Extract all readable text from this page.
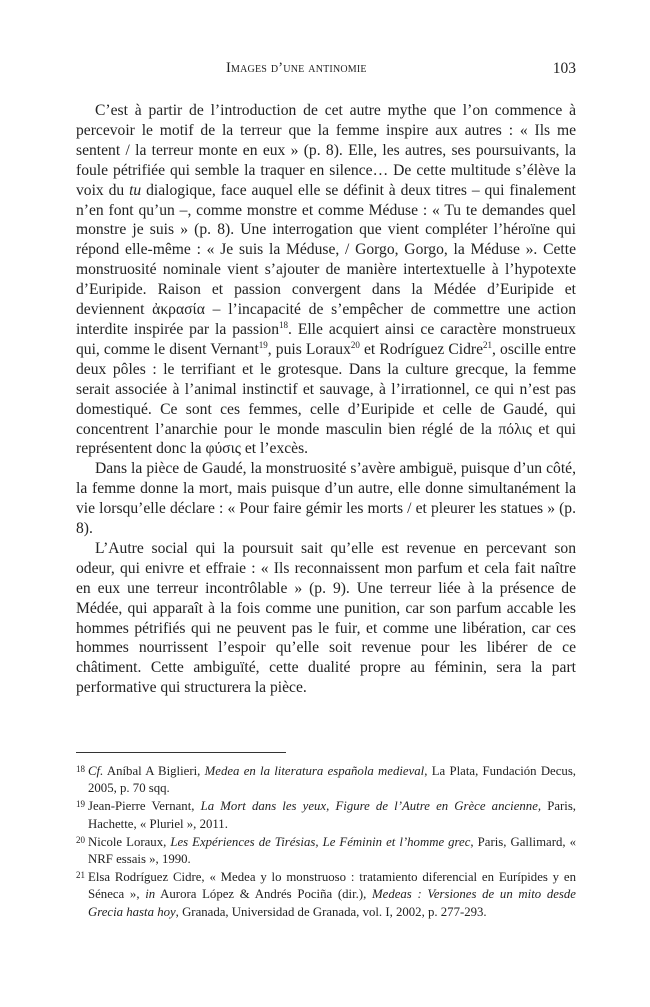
Images d’une antinomie	103

C’est à partir de l’introduction de cet autre mythe que l’on commence à percevoir le motif de la terreur que la femme inspire aux autres : « Ils me sentent / la terreur monte en eux » (p. 8). Elle, les autres, ses poursuivants, la foule pétrifiée qui semble la traquer en silence… De cette multitude s’élève la voix du tu dialogique, face auquel elle se définit à deux titres – qui finalement n’en font qu’un –, comme monstre et comme Méduse : « Tu te demandes quel monstre je suis » (p. 8). Une interrogation que vient compléter l’héroïne qui répond elle-même : « Je suis la Méduse, / Gorgo, Gorgo, la Méduse ». Cette monstruosité nominale vient s’ajouter de manière intertextuelle à l’hypotexte d’Euripide. Raison et passion convergent dans la Médée d’Euripide et deviennent ἀκρασία – l’incapacité de s’empêcher de commettre une action interdite inspirée par la passion$^{18}$. Elle acquiert ainsi ce caractère monstrueux qui, comme le disent Vernant$^{19}$, puis Loraux$^{20}$ et Rodríguez Cidre$^{21}$, oscille entre deux pôles : le terrifiant et le grotesque. Dans la culture grecque, la femme serait associée à l’animal instinctif et sauvage, à l’irrationnel, ce qui n’est pas domestiqué. Ce sont ces femmes, celle d’Euripide et celle de Gaudé, qui concentrent l’anarchie pour le monde masculin bien réglé de la πόλις et qui représentent donc la φύσις et l’excès.

Dans la pièce de Gaudé, la monstruosité s’avère ambiguë, puisque d’un côté, la femme donne la mort, mais puisque d’un autre, elle donne simultanément la vie lorsqu’elle déclare : « Pour faire gémir les morts / et pleurer les statues » (p. 8).

L’Autre social qui la poursuit sait qu’elle est revenue en percevant son odeur, qui enivre et effraie : « Ils reconnaissent mon parfum et cela fait naître en eux une terreur incontrôlable » (p. 9). Une terreur liée à la présence de Médée, qui apparaît à la fois comme une punition, car son parfum accable les hommes pétrifiés qui ne peuvent pas le fuir, et comme une libération, car ces hommes nourrissent l’espoir qu’elle soit revenue pour les libérer de ce châtiment. Cette ambiguïté, cette dualité propre au féminin, sera la part performative qui structurera la pièce.

18 Cf. Aníbal A Biglieri, Medea en la literatura española medieval, La Plata, Fundación Decus, 2005, p. 70 sqq.
19 Jean-Pierre Vernant, La Mort dans les yeux, Figure de l’Autre en Grèce ancienne, Paris, Hachette, « Pluriel », 2011.
20 Nicole Loraux, Les Expériences de Tirésias, Le Féminin et l’homme grec, Paris, Gallimard, « NRF essais », 1990.
21 Elsa Rodríguez Cidre, « Medea y lo monstruoso : tratamiento diferencial en Eurípides y en Séneca », in Aurora López & Andrés Pociña (dir.), Medeas : Versiones de un mito desde Grecia hasta hoy, Granada, Universidad de Granada, vol. I, 2002, p. 277-293.
